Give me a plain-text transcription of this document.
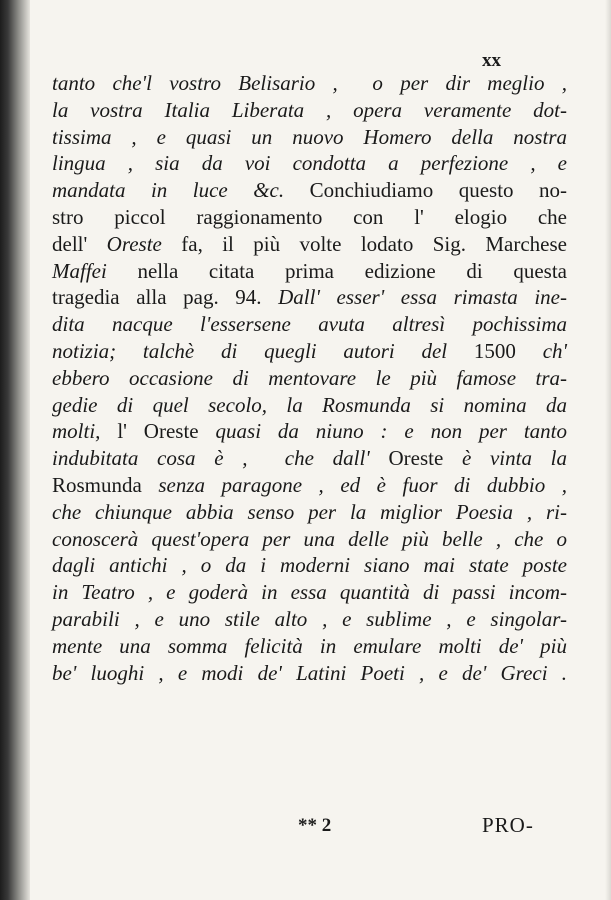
xx
tanto che'l vostro Belisario ,  o per dir meglio ,
la vostra Italia Liberata , opera veramente dot-
tissima , e quasi un nuovo Homero della nostra
lingua , sia da voi condotta a perfezione , e
mandata in luce &c. Conchiudiamo questo no-
stro piccol raggionamento con l' elogio che
dell' Oreste fa, il più volte lodato Sig. Marchese
Maffei nella citata prima edizione di questa
tragedia alla pag. 94. Dall' esser' essa rimasta ine-
dita nacque l'essersene avuta altresì pochissima
notizia; talchè di quegli autori del 1500 ch'
ebbero occasione di mentovare le più famose tra-
gedie di quel secolo, la Rosmunda si nomina da
molti, l' Oreste quasi da niuno : e non per tanto
indubitata cosa è ,  che dall' Oreste è vinta la
Rosmunda senza paragone , ed è fuor di dubbio ,
che chiunque abbia senso per la miglior Poesia , ri-
conoscerà quest'opera per una delle più belle , che o
dagli antichi , o da i moderni siano mai state poste
in Teatro , e goderà in essa quantità di passi incom-
parabili , e uno stile alto , e sublime , e singolar-
mente una somma felicità in emulare molti de' più
be' luoghi , e modi de' Latini Poeti , e de' Greci .
** 2	PRO-
